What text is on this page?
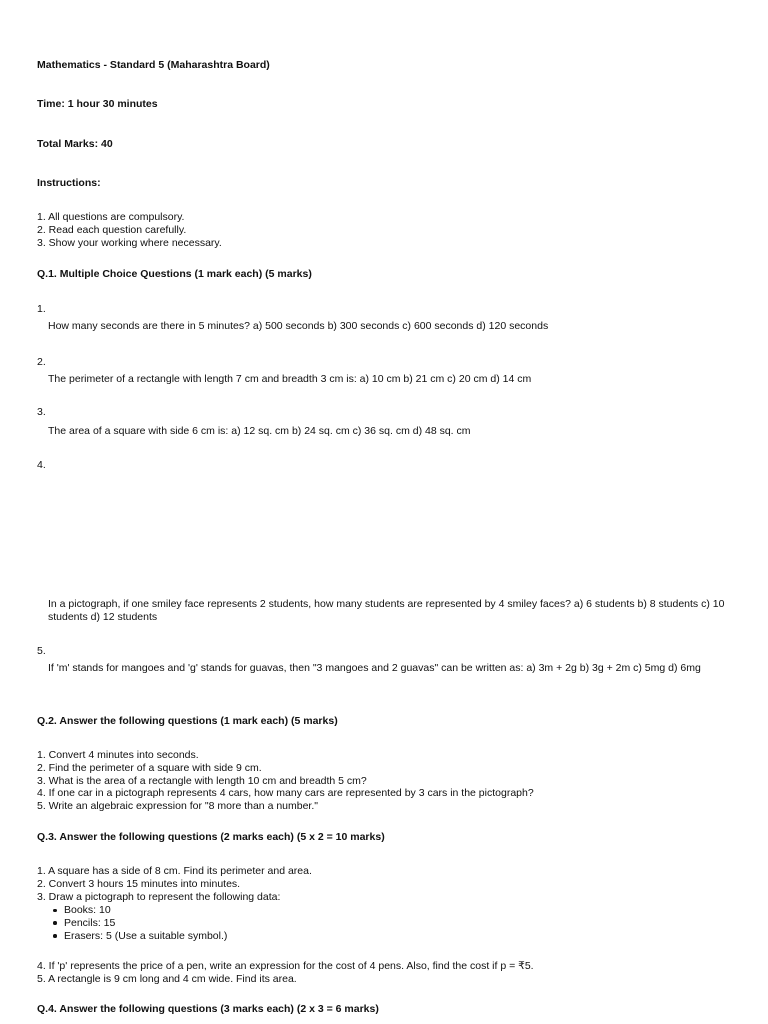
Mathematics - Standard 5 (Maharashtra Board)
Time: 1 hour 30 minutes
Total Marks: 40
Instructions:
1. All questions are compulsory.
2. Read each question carefully.
3. Show your working where necessary.
Q.1. Multiple Choice Questions (1 mark each) (5 marks)
1.
How many seconds are there in 5 minutes? a) 500 seconds b) 300 seconds c) 600 seconds d) 120 seconds
2.
The perimeter of a rectangle with length 7 cm and breadth 3 cm is: a) 10 cm b) 21 cm c) 20 cm d) 14 cm
3.
The area of a square with side 6 cm is: a) 12 sq. cm b) 24 sq. cm c) 36 sq. cm d) 48 sq. cm
4.
In a pictograph, if one smiley face represents 2 students, how many students are represented by 4 smiley faces? a) 6 students b) 8 students c) 10 students d) 12 students
5.
If 'm' stands for mangoes and 'g' stands for guavas, then "3 mangoes and 2 guavas" can be written as: a) 3m + 2g b) 3g + 2m c) 5mg d) 6mg
Q.2. Answer the following questions (1 mark each) (5 marks)
1. Convert 4 minutes into seconds.
2. Find the perimeter of a square with side 9 cm.
3. What is the area of a rectangle with length 10 cm and breadth 5 cm?
4. If one car in a pictograph represents 4 cars, how many cars are represented by 3 cars in the pictograph?
5. Write an algebraic expression for "8 more than a number."
Q.3. Answer the following questions (2 marks each) (5 x 2 = 10 marks)
1. A square has a side of 8 cm. Find its perimeter and area.
2. Convert 3 hours 15 minutes into minutes.
3. Draw a pictograph to represent the following data:
Books: 10
Pencils: 15
Erasers: 5 (Use a suitable symbol.)
4. If 'p' represents the price of a pen, write an expression for the cost of 4 pens. Also, find the cost if p = ₹5.
5. A rectangle is 9 cm long and 4 cm wide. Find its area.
Q.4. Answer the following questions (3 marks each) (2 x 3 = 6 marks)
